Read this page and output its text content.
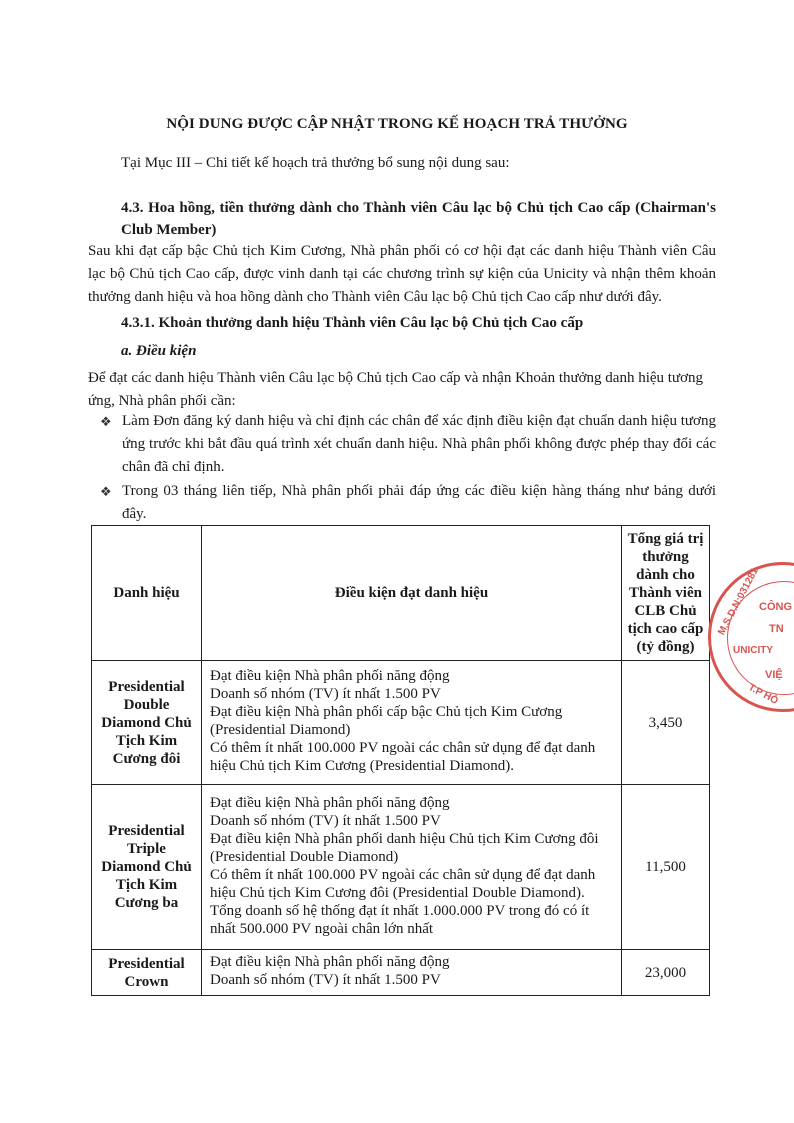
NỘI DUNG ĐƯỢC CẬP NHẬT TRONG KẾ HOẠCH TRẢ THƯỞNG

Tại Mục III – Chi tiết kế hoạch trả thưởng bổ sung nội dung sau:

4.3. Hoa hồng, tiền thưởng dành cho Thành viên Câu lạc bộ Chủ tịch Cao cấp (Chairman's Club Member)

Sau khi đạt cấp bậc Chủ tịch Kim Cương, Nhà phân phối có cơ hội đạt các danh hiệu Thành viên Câu lạc bộ Chủ tịch Cao cấp, được vinh danh tại các chương trình sự kiện của Unicity và nhận thêm khoản thưởng danh hiệu và hoa hồng dành cho Thành viên Câu lạc bộ Chủ tịch Cao cấp như dưới đây.

4.3.1. Khoản thưởng danh hiệu Thành viên Câu lạc bộ Chủ tịch Cao cấp

a. Điều kiện

Để đạt các danh hiệu Thành viên Câu lạc bộ Chủ tịch Cao cấp và nhận Khoản thưởng danh hiệu tương ứng, Nhà phân phối cần:

❖ Làm Đơn đăng ký danh hiệu và chỉ định các chân để xác định điều kiện đạt chuẩn danh hiệu tương ứng trước khi bắt đầu quá trình xét chuẩn danh hiệu. Nhà phân phối không được phép thay đổi các chân đã chỉ định.
❖ Trong 03 tháng liên tiếp, Nhà phân phối phải đáp ứng các điều kiện hàng tháng như bảng dưới đây.
Danh hiệu	Điều kiện đạt danh hiệu	Tổng giá trị thưởng dành cho Thành viên CLB Chủ tịch cao cấp (tỷ đồng)
Presidential Double Diamond Chủ Tịch Kim Cương đôi	Đạt điều kiện Nhà phân phối năng động
Doanh số nhóm (TV) ít nhất 1.500 PV
Đạt điều kiện Nhà phân phối cấp bậc Chủ tịch Kim Cương (Presidential Diamond)
Có thêm ít nhất 100.000 PV ngoài các chân sử dụng để đạt danh hiệu Chủ tịch Kim Cương (Presidential Diamond).	3,450
Presidential Triple Diamond Chủ Tịch Kim Cương ba	Đạt điều kiện Nhà phân phối năng động
Doanh số nhóm (TV) ít nhất 1.500 PV
Đạt điều kiện Nhà phân phối danh hiệu Chủ tịch Kim Cương đôi (Presidential Double Diamond)
Có thêm ít nhất 100.000 PV ngoài các chân sử dụng để đạt danh hiệu Chủ tịch Kim Cương đôi (Presidential Double Diamond).
Tổng doanh số hệ thống đạt ít nhất 1.000.000 PV trong đó có ít nhất 500.000 PV ngoài chân lớn nhất	11,500
Presidential Crown	Đạt điều kiện Nhà phân phối năng động
Doanh số nhóm (TV) ít nhất 1.500 PV	23,000
M.S.D.N:031281
CÔNG
TN
UNICITY
VIỆ
T.P HỒ
